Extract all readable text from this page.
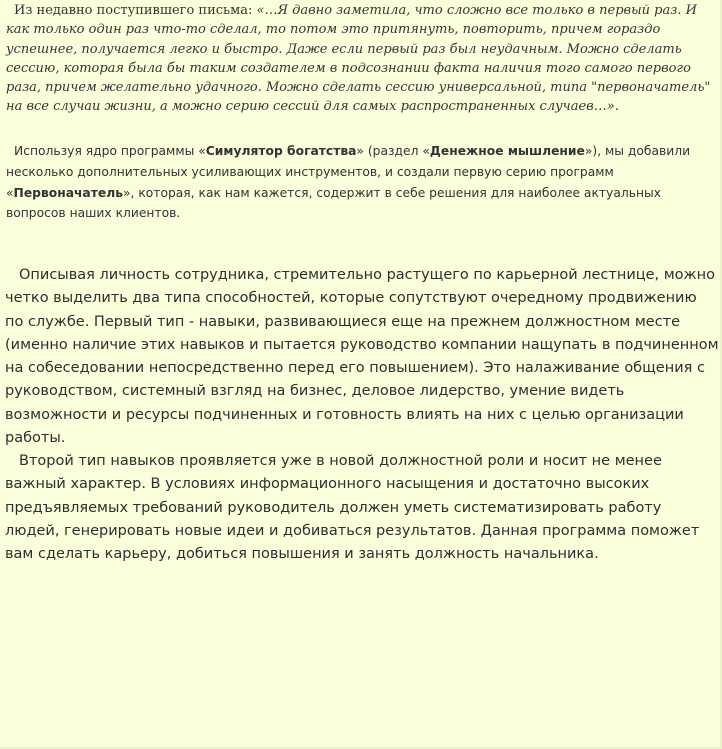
Из недавно поступившего письма: «…Я давно заметила, что сложно все только в первый раз. И как только один раз что-то сделал, то потом это притянуть, повторить, причем гораздо успешнее, получается легко и быстро. Даже если первый раз был неудачным. Можно сделать сессию, которая была бы таким создателем в подсознании факта наличия того самого первого раза, причем желательно удачного. Можно сделать сессию универсальной, типа "первоначатель" на все случаи жизни, а можно серию сессий для самых распространенных случаев…».

Используя ядро программы «Симулятор богатства» (раздел «Денежное мышление»), мы добавили несколько дополнительных усиливающих инструментов, и создали первую серию программ «Первоначатель», которая, как нам кажется, содержит в себе решения для наиболее актуальных вопросов наших клиентов.

Описывая личность сотрудника, стремительно растущего по карьерной лестнице, можно четко выделить два типа способностей, которые сопутствуют очередному продвижению по службе. Первый тип - навыки, развивающиеся еще на прежнем должностном месте (именно наличие этих навыков и пытается руководство компании нащупать в подчиненном на собеседовании непосредственно перед его повышением). Это налаживание общения с руководством, системный взгляд на бизнес, деловое лидерство, умение видеть возможности и ресурсы подчиненных и готовность влиять на них с целью организации работы.

Второй тип навыков проявляется уже в новой должностной роли и носит не менее важный характер. В условиях информационного насыщения и достаточно высоких предъявляемых требований руководитель должен уметь систематизировать работу людей, генерировать новые идеи и добиваться результатов. Данная программа поможет вам сделать карьеру, добиться повышения и занять должность начальника.
